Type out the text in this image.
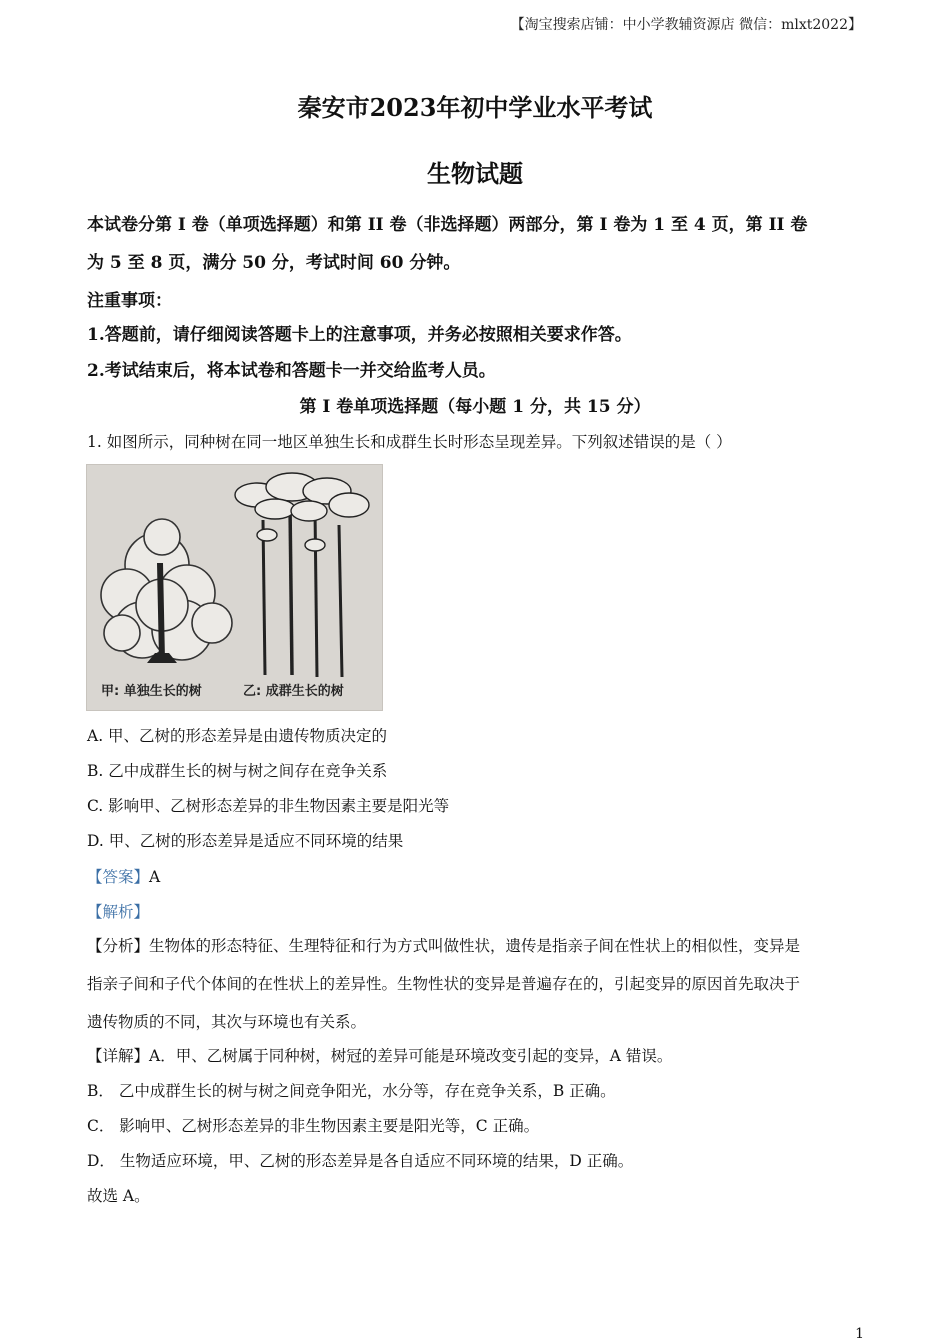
【淘宝搜索店铺：中小学教辅资源店 微信：mlxt2022】
秦安市2023年初中学业水平考试
生物试题
本试卷分第 I 卷（单项选择题）和第 II 卷（非选择题）两部分，第 I 卷为 1 至 4 页，第 II 卷
为 5 至 8 页，满分 50 分，考试时间 60 分钟。
注重事项：
1.答题前，请仔细阅读答题卡上的注意事项，并务必按照相关要求作答。
2.考试结束后，将本试卷和答题卡一并交给监考人员。
第 I 卷单项选择题（每小题 1 分，共 15 分）
1. 如图所示，同种树在同一地区单独生长和成群生长时形态呈现差异。下列叙述错误的是（ ）
甲: 单独生长的树	乙: 成群生长的树
A. 甲、乙树的形态差异是由遗传物质决定的
B. 乙中成群生长的树与树之间存在竞争关系
C. 影响甲、乙树形态差异的非生物因素主要是阳光等
D. 甲、乙树的形态差异是适应不同环境的结果
【答案】A
【解析】
【分析】生物体的形态特征、生理特征和行为方式叫做性状，遗传是指亲子间在性状上的相似性，变异是
指亲子间和子代个体间的在性状上的差异性。生物性状的变异是普遍存在的，引起变异的原因首先取决于
遗传物质的不同，其次与环境也有关系。
【详解】A．甲、乙树属于同种树，树冠的差异可能是环境改变引起的变异，A 错误。
B． 乙中成群生长的树与树之间竞争阳光，水分等，存在竞争关系，B 正确。
C． 影响甲、乙树形态差异的非生物因素主要是阳光等，C 正确。
D． 生物适应环境，甲、乙树的形态差异是各自适应不同环境的结果，D 正确。
故选 A。
1
